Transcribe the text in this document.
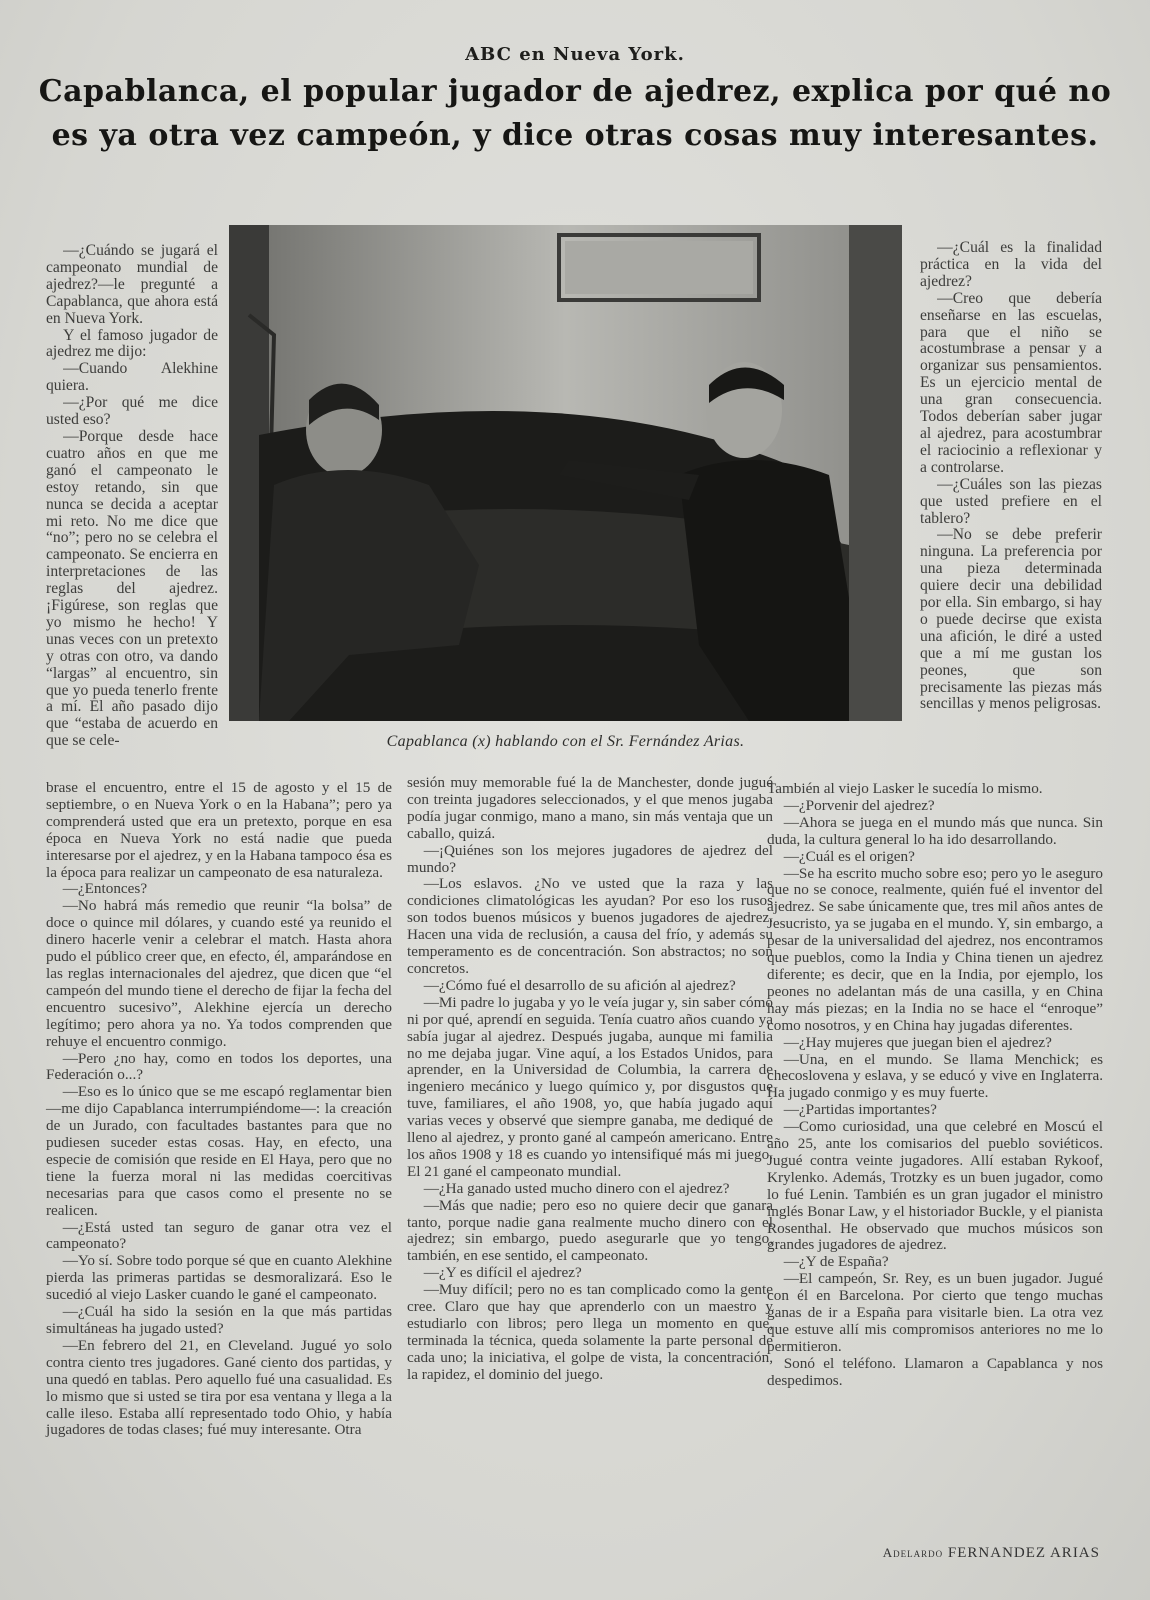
ABC en Nueva York.
Capablanca, el popular jugador de ajedrez, explica por qué no es ya otra vez campeón, y dice otras cosas muy interesantes.
Capablanca (x) hablando con el Sr. Fernández Arias.

—¿Cuándo se jugará el campeonato mundial de ajedrez?—le pregunté a Capablanca, que ahora está en Nueva York.

Y el famoso jugador de ajedrez me dijo:

—Cuando Alekhine quiera.

—¿Por qué me dice usted eso?

—Porque desde hace cuatro años en que me ganó el campeonato le estoy retando, sin que nunca se decida a aceptar mi reto. No me dice que “no”; pero no se celebra el campeonato. Se encierra en interpretaciones de las reglas del ajedrez. ¡Figúrese, son reglas que yo mismo he hecho! Y unas veces con un pretexto y otras con otro, va dando “largas” al encuentro, sin que yo pueda tenerlo frente a mí. El año pasado dijo que “estaba de acuerdo en que se cele-

brase el encuentro, entre el 15 de agosto y el 15 de septiembre, o en Nueva York o en la Habana”; pero ya comprenderá usted que era un pretexto, porque en esa época en Nueva York no está nadie que pueda interesarse por el ajedrez, y en la Habana tampoco ésa es la época para realizar un campeonato de esa naturaleza.

—¿Entonces?

—No habrá más remedio que reunir “la bolsa” de doce o quince mil dólares, y cuando esté ya reunido el dinero hacerle venir a celebrar el match. Hasta ahora pudo el público creer que, en efecto, él, amparándose en las reglas internacionales del ajedrez, que dicen que “el campeón del mundo tiene el derecho de fijar la fecha del encuentro sucesivo”, Alekhine ejercía un derecho legítimo; pero ahora ya no. Ya todos comprenden que rehuye el encuentro conmigo.

—Pero ¿no hay, como en todos los deportes, una Federación o...?

—Eso es lo único que se me escapó reglamentar bien—me dijo Capablanca interrumpiéndome—: la creación de un Jurado, con facultades bastantes para que no pudiesen suceder estas cosas. Hay, en efecto, una especie de comisión que reside en El Haya, pero que no tiene la fuerza moral ni las medidas coercitivas necesarias para que casos como el presente no se realicen.

—¿Está usted tan seguro de ganar otra vez el campeonato?

—Yo sí. Sobre todo porque sé que en cuanto Alekhine pierda las primeras partidas se desmoralizará. Eso le sucedió al viejo Lasker cuando le gané el campeonato.

—¿Cuál ha sido la sesión en la que más partidas simultáneas ha jugado usted?

—En febrero del 21, en Cleveland. Jugué yo solo contra ciento tres jugadores. Gané ciento dos partidas, y una quedó en tablas. Pero aquello fué una casualidad. Es lo mismo que si usted se tira por esa ventana y llega a la calle ileso. Estaba allí representado todo Ohio, y había jugadores de todas clases; fué muy interesante. Otra

sesión muy memorable fué la de Manchester, donde jugué con treinta jugadores seleccionados, y el que menos jugaba podía jugar conmigo, mano a mano, sin más ventaja que un caballo, quizá.

—¡Quiénes son los mejores jugadores de ajedrez del mundo?

—Los eslavos. ¿No ve usted que la raza y las condiciones climatológicas les ayudan? Por eso los rusos son todos buenos músicos y buenos jugadores de ajedrez. Hacen una vida de reclusión, a causa del frío, y además su temperamento es de concentración. Son abstractos; no son concretos.

—¿Cómo fué el desarrollo de su afición al ajedrez?

—Mi padre lo jugaba y yo le veía jugar y, sin saber cómo ni por qué, aprendí en seguida. Tenía cuatro años cuando ya sabía jugar al ajedrez. Después jugaba, aunque mi familia no me dejaba jugar. Vine aquí, a los Estados Unidos, para aprender, en la Universidad de Columbia, la carrera de ingeniero mecánico y luego químico y, por disgustos que tuve, familiares, el año 1908, yo, que había jugado aquí varias veces y observé que siempre ganaba, me dediqué de lleno al ajedrez, y pronto gané al campeón americano. Entre los años 1908 y 18 es cuando yo intensifiqué más mi juego. El 21 gané el campeonato mundial.

—¿Ha ganado usted mucho dinero con el ajedrez?

—Más que nadie; pero eso no quiere decir que ganara tanto, porque nadie gana realmente mucho dinero con el ajedrez; sin embargo, puedo asegurarle que yo tengo, también, en ese sentido, el campeonato.

—¿Y es difícil el ajedrez?

—Muy difícil; pero no es tan complicado como la gente cree. Claro que hay que aprenderlo con un maestro y estudiarlo con libros; pero llega un momento en que, terminada la técnica, queda solamente la parte personal de cada uno; la iniciativa, el golpe de vista, la concentración, la rapidez, el dominio del juego.

—¿Cuál es la finalidad práctica en la vida del ajedrez?

—Creo que debería enseñarse en las escuelas, para que el niño se acostumbrase a pensar y a organizar sus pensamientos. Es un ejercicio mental de una gran consecuencia. Todos deberían saber jugar al ajedrez, para acostumbrar el raciocinio a reflexionar y a controlarse.

—¿Cuáles son las piezas que usted prefiere en el tablero?

—No se debe preferir ninguna. La preferencia por una pieza determinada quiere decir una debilidad por ella. Sin embargo, si hay o puede decirse que exista una afición, le diré a usted que a mí me gustan los peones, que son precisamente las piezas más sencillas y menos peligrosas.

También al viejo Lasker le sucedía lo mismo.

—¿Porvenir del ajedrez?

—Ahora se juega en el mundo más que nunca. Sin duda, la cultura general lo ha ido desarrollando.

—¿Cuál es el origen?

—Se ha escrito mucho sobre eso; pero yo le aseguro que no se conoce, realmente, quién fué el inventor del ajedrez. Se sabe únicamente que, tres mil años antes de Jesucristo, ya se jugaba en el mundo. Y, sin embargo, a pesar de la universalidad del ajedrez, nos encontramos que pueblos, como la India y China tienen un ajedrez diferente; es decir, que en la India, por ejemplo, los peones no adelantan más de una casilla, y en China hay más piezas; en la India no se hace el “enroque” como nosotros, y en China hay jugadas diferentes.

—¿Hay mujeres que juegan bien el ajedrez?

—Una, en el mundo. Se llama Menchick; es checoslovena y eslava, y se educó y vive en Inglaterra. Ha jugado conmigo y es muy fuerte.

—¿Partidas importantes?

—Como curiosidad, una que celebré en Moscú el año 25, ante los comisarios del pueblo soviéticos. Jugué contra veinte jugadores. Allí estaban Rykoof, Krylenko. Además, Trotzky es un buen jugador, como lo fué Lenin. También es un gran jugador el ministro inglés Bonar Law, y el historiador Buckle, y el pianista Rosenthal. He observado que muchos músicos son grandes jugadores de ajedrez.

—¿Y de España?

—El campeón, Sr. Rey, es un buen jugador. Jugué con él en Barcelona. Por cierto que tengo muchas ganas de ir a España para visitarle bien. La otra vez que estuve allí mis compromisos anteriores no me lo permitieron.

Sonó el teléfono. Llamaron a Capablanca y nos despedimos.

Adelardo FERNANDEZ ARIAS
